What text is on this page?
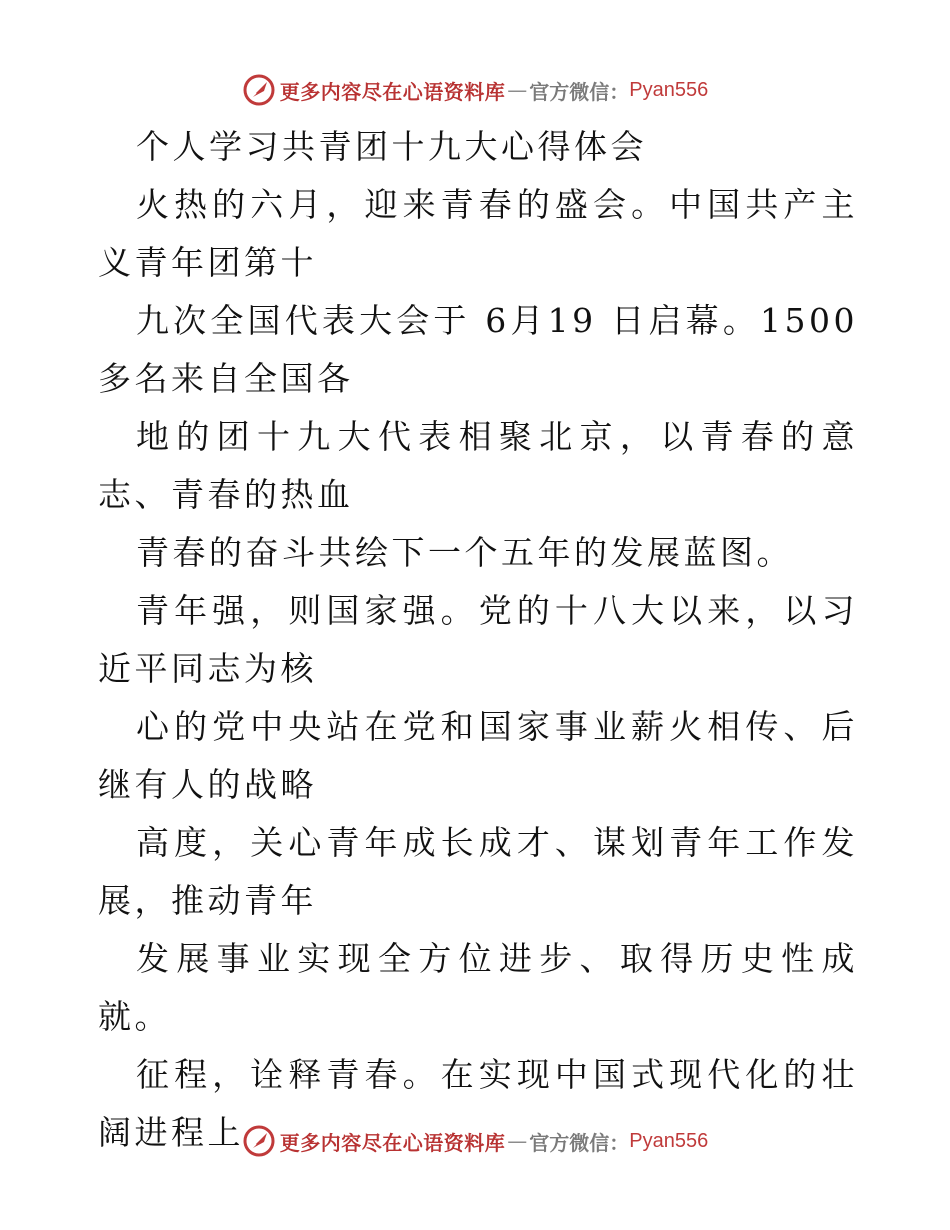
更多内容尽在心语资料库 — 官方微信： Pyan556

个人学习共青团十九大心得体会

火热的六月，迎来青春的盛会。中国共产主义青年团第十

九次全国代表大会于 6月19 日启幕。1500 多名来自全国各

地的团十九大代表相聚北京，以青春的意志、青春的热血

青春的奋斗共绘下一个五年的发展蓝图。

青年强，则国家强。党的十八大以来，以习近平同志为核

心的党中央站在党和国家事业薪火相传、后继有人的战略

高度，关心青年成长成才、谋划青年工作发展，推动青年

发展事业实现全方位进步、取得历史性成就。

征程，诠释青春。在实现中国式现代化的壮阔进程上	更多内容尽在心语资料库 — 官方微信： Pyan556
